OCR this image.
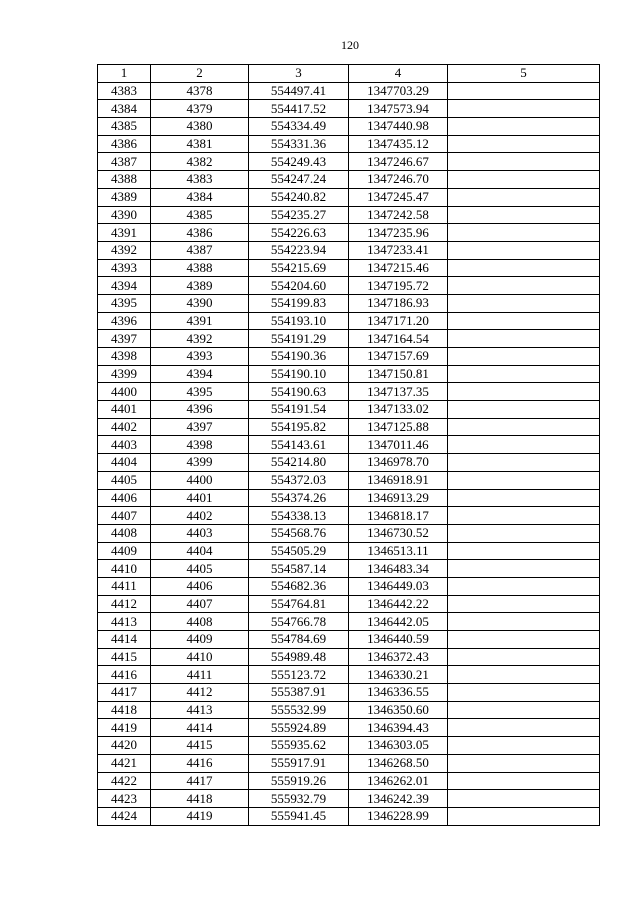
120
1	2	3	4	5
4383	4378	554497.41	1347703.29	
4384	4379	554417.52	1347573.94	
4385	4380	554334.49	1347440.98	
4386	4381	554331.36	1347435.12	
4387	4382	554249.43	1347246.67	
4388	4383	554247.24	1347246.70	
4389	4384	554240.82	1347245.47	
4390	4385	554235.27	1347242.58	
4391	4386	554226.63	1347235.96	
4392	4387	554223.94	1347233.41	
4393	4388	554215.69	1347215.46	
4394	4389	554204.60	1347195.72	
4395	4390	554199.83	1347186.93	
4396	4391	554193.10	1347171.20	
4397	4392	554191.29	1347164.54	
4398	4393	554190.36	1347157.69	
4399	4394	554190.10	1347150.81	
4400	4395	554190.63	1347137.35	
4401	4396	554191.54	1347133.02	
4402	4397	554195.82	1347125.88	
4403	4398	554143.61	1347011.46	
4404	4399	554214.80	1346978.70	
4405	4400	554372.03	1346918.91	
4406	4401	554374.26	1346913.29	
4407	4402	554338.13	1346818.17	
4408	4403	554568.76	1346730.52	
4409	4404	554505.29	1346513.11	
4410	4405	554587.14	1346483.34	
4411	4406	554682.36	1346449.03	
4412	4407	554764.81	1346442.22	
4413	4408	554766.78	1346442.05	
4414	4409	554784.69	1346440.59	
4415	4410	554989.48	1346372.43	
4416	4411	555123.72	1346330.21	
4417	4412	555387.91	1346336.55	
4418	4413	555532.99	1346350.60	
4419	4414	555924.89	1346394.43	
4420	4415	555935.62	1346303.05	
4421	4416	555917.91	1346268.50	
4422	4417	555919.26	1346262.01	
4423	4418	555932.79	1346242.39	
4424	4419	555941.45	1346228.99	
